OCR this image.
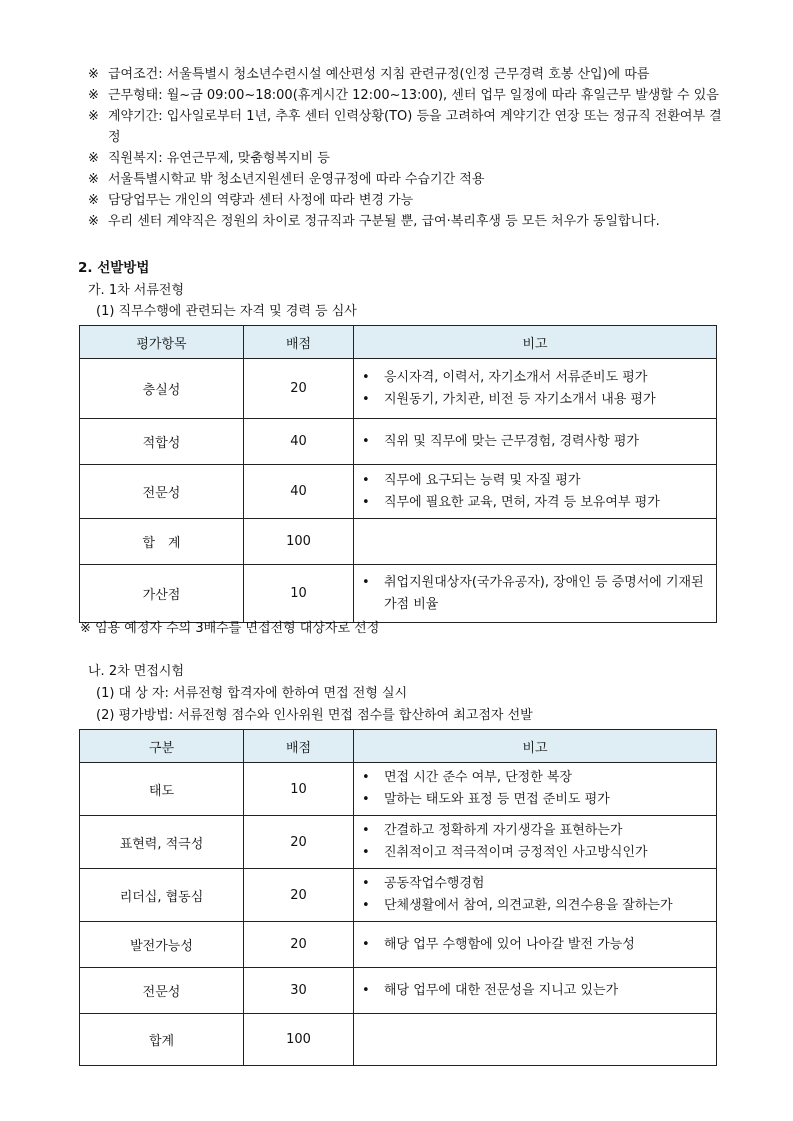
※ 급여조건: 서울특별시 청소년수련시설 예산편성 지침 관련규정(인정 근무경력 호봉 산입)에 따름
※ 근무형태: 월~금 09:00~18:00(휴게시간 12:00~13:00), 센터 업무 일정에 따라 휴일근무 발생할 수 있음
※ 계약기간: 입사일로부터 1년, 추후 센터 인력상황(TO) 등을 고려하여 계약기간 연장 또는 정규직 전환여부 결정
※ 직원복지: 유연근무제, 맞춤형복지비 등
※ 서울특별시학교 밖 청소년지원센터 운영규정에 따라 수습기간 적용
※ 담당업무는 개인의 역량과 센터 사정에 따라 변경 가능
※ 우리 센터 계약직은 정원의 차이로 정규직과 구분될 뿐, 급여·복리후생 등 모든 처우가 동일합니다.
2. 선발방법
가. 1차 서류전형
(1) 직무수행에 관련되는 자격 및 경력 등 심사
평가항목	배점	비고
충실성	20	• 응시자격, 이력서, 자기소개서 서류준비도 평가
• 지원동기, 가치관, 비전 등 자기소개서 내용 평가

적합성	40	• 직위 및 직무에 맞는 근무경험, 경력사항 평가

전문성	40	• 직무에 요구되는 능력 및 자질 평가
• 직무에 필요한 교육, 면허, 자격 등 보유여부 평가

합　계	100	
가산점	10	• 취업지원대상자(국가유공자), 장애인 등 증명서에 기재된 가점 비율
※ 임용 예정자 수의 3배수를 면접전형 대상자로 선정
나. 2차 면접시험
(1) 대 상 자: 서류전형 합격자에 한하여 면접 전형 실시
(2) 평가방법: 서류전형 점수와 인사위원 면접 점수를 합산하여 최고점자 선발
구분	배점	비고
태도	10	• 면접 시간 준수 여부, 단정한 복장
• 말하는 태도와 표정 등 면접 준비도 평가

표현력, 적극성	20	• 간결하고 정확하게 자기생각을 표현하는가
• 진취적이고 적극적이며 긍정적인 사고방식인가

리더십, 협동심	20	• 공동작업수행경험
• 단체생활에서 참여, 의견교환, 의견수용을 잘하는가

발전가능성	20	• 해당 업무 수행함에 있어 나아갈 발전 가능성

전문성	30	• 해당 업무에 대한 전문성을 지니고 있는가

합계	100	
